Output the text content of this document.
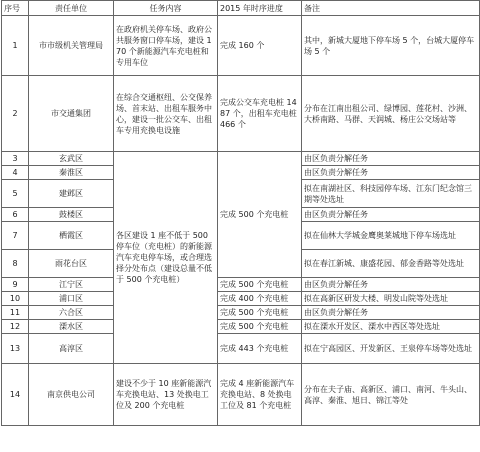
序号	责任单位	任务内容	2015 年时序进度	备注
1	市市级机关管理局	在政府机关停车场、政府公共服务窗口停车场，建设 170 个新能源汽车充电桩和专用车位	完成 160 个	其中，新城大厦地下停车场 5 个，台城大厦停车场 5 个
2	市交通集团	在综合交通枢纽、公交保养场、首末站、出租车服务中心，建设一批公交车、出租车专用充换电设施	完成公交车充电桩 1487 个，出租车充电桩 466 个	分布在江南出租公司、绿博园、莲花村、沙洲、大桥南路、马群、天润城、杨庄公交场站等
3	玄武区	各区建设 1 座不低于 500 停车位（充电桩）的新能源汽车充电停车场，或合理选择分处布点（建设总量不低于 500 个充电桩）	完成 500 个充电桩	由区负责分解任务
4	秦淮区			由区负责分解任务
5	建邺区			拟在南湖社区、科技园停车场、江东门纪念馆三期等处选址
6	鼓楼区			由区负责分解任务
7	栖霞区			拟在仙林大学城金鹰奥莱城地下停车场选址
8	雨花台区			拟在春江新城、康盛花园、郁金香路等处选址
9	江宁区		完成 500 个充电桩	由区负责分解任务
10	浦口区		完成 400 个充电桩	拟在高新区研发大楼、明发山院等处选址
11	六合区		完成 500 个充电桩	由区负责分解任务
12	溧水区		完成 500 个充电桩	拟在溧水开发区、溧水中西区等处选址
13	高淳区		完成 443 个充电桩	拟在宁高园区、开发新区、王泉停车场等处选址
14	南京供电公司	建设不少于 10 座新能源汽车充换电站、13 处换电工位及 200 个充电桩	完成 4 座新能源汽车充换电站、8 处换电工位及 81 个充电桩	分布在夫子庙、高新区、浦口、南河、牛头山、高淳、秦淮、旭日、锦江等处
